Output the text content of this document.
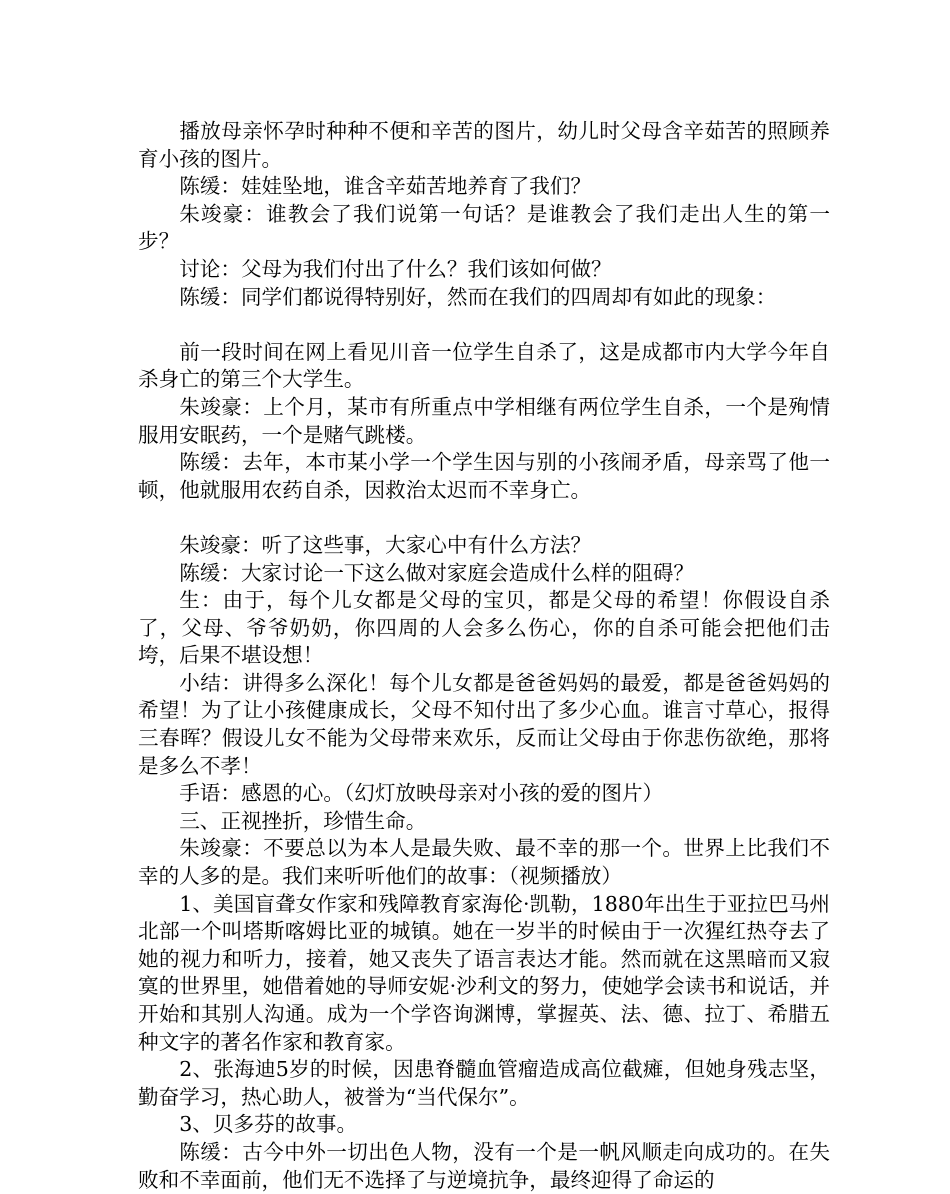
播放母亲怀孕时种种不便和辛苦的图片，幼儿时父母含辛茹苦的照顾养育小孩的图片。

陈缓：娃娃坠地，谁含辛茹苦地养育了我们？

朱竣豪：谁教会了我们说第一句话？是谁教会了我们走出人生的第一步？

讨论：父母为我们付出了什么？我们该如何做？

陈缓：同学们都说得特别好，然而在我们的四周却有如此的现象：

前一段时间在网上看见川音一位学生自杀了，这是成都市内大学今年自杀身亡的第三个大学生。

朱竣豪：上个月，某市有所重点中学相继有两位学生自杀，一个是殉情服用安眠药，一个是赌气跳楼。

陈缓：去年，本市某小学一个学生因与别的小孩闹矛盾，母亲骂了他一顿，他就服用农药自杀，因救治太迟而不幸身亡。

朱竣豪：听了这些事，大家心中有什么方法？

陈缓：大家讨论一下这么做对家庭会造成什么样的阻碍？

生：由于，每个儿女都是父母的宝贝，都是父母的希望！你假设自杀了，父母、爷爷奶奶，你四周的人会多么伤心，你的自杀可能会把他们击垮，后果不堪设想！

小结：讲得多么深化！每个儿女都是爸爸妈妈的最爱，都是爸爸妈妈的希望！为了让小孩健康成长，父母不知付出了多少心血。谁言寸草心，报得三春晖？假设儿女不能为父母带来欢乐，反而让父母由于你悲伤欲绝，那将是多么不孝！

手语：感恩的心。（幻灯放映母亲对小孩的爱的图片）

三、正视挫折，珍惜生命。

朱竣豪：不要总以为本人是最失败、最不幸的那一个。世界上比我们不幸的人多的是。我们来听听他们的故事：（视频播放）

1、美国盲聋女作家和残障教育家海伦·凯勒，1880年出生于亚拉巴马州北部一个叫塔斯喀姆比亚的城镇。她在一岁半的时候由于一次猩红热夺去了她的视力和听力，接着，她又丧失了语言表达才能。然而就在这黑暗而又寂寞的世界里，她借着她的导师安妮·沙利文的努力，使她学会读书和说话，并开始和其别人沟通。成为一个学咨询渊博，掌握英、法、德、拉丁、希腊五种文字的著名作家和教育家。

2、张海迪5岁的时候，因患脊髓血管瘤造成高位截瘫，但她身残志坚，勤奋学习，热心助人，被誉为“当代保尔”。

3、贝多芬的故事。

陈缓：古今中外一切出色人物，没有一个是一帆风顺走向成功的。在失败和不幸面前，他们无不选择了与逆境抗争，最终迎得了命运的
